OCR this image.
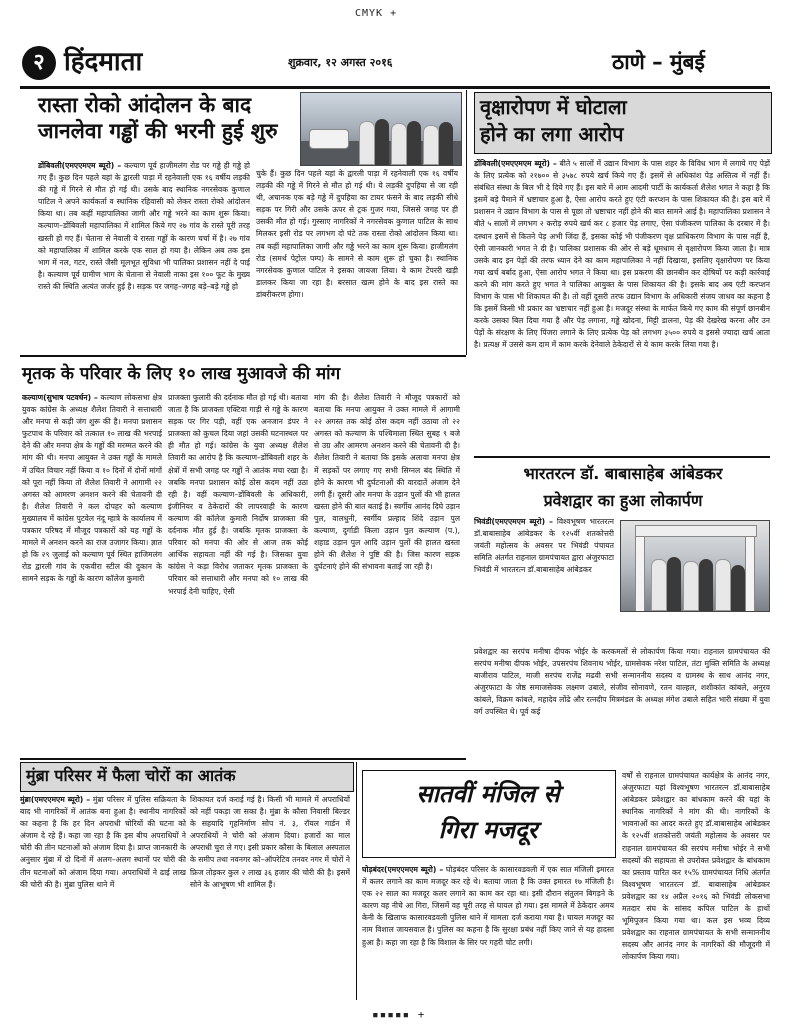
CMYK +
▪▪▪▪▪ +
२ हिंदमाता	शुक्रवार, १२ अगस्त २०१६	ठाणे – मुंबई
रास्ता रोको आंदोलन के बाद
जानलेवा गड्ढों की भरनी हुई शुरु
डोंबिवली(एमएएमएम ब्यूरो) – कल्याण पूर्व हाजीमलंग रोड पर गड्ढे ही गड्ढे हो गए हैं। कुछ दिन पहले यहां के द्वारली पाड़ा में रहनेवाली एक १६ वर्षीय लड़की की गड्ढे में गिरने से मौत हो गई थी। उसके बाद स्थानिक नगरसेवक कुणाल पाटिल ने अपने कार्यकर्ता व स्थानिक रहिवासी को लेकर रास्ता रोको आंदोलन किया था। तब कहीं महापालिका जागी और गड्ढे भरने का काम शुरू किया। कल्याण–डोंबिवली महापालिका में शामिल किये गए २७ गांव के रास्ते पूरी तरह खस्ती हो गए हैं। चेताना से नेवाली ये रास्ता गड्ढों के कारण चर्चा में है। २७ गांव को महापालिका में शामिल करके एक साल हो गया है। लेकिन अब तक इस भाग में नल, गटर, रास्ते जैसी मूलभूत सुविधा भी पालिका प्रशासन नहीं दे पाई है। कल्याण पूर्व ग्रामीण भाग के चेताना से नेवाली नाका इस १०० फूट के मुख्य रास्ते की स्थिति अत्यंत जर्जर हुई है। सड़क पर जगह–जगह बड़े–बड़े गड्ढे हो
चुके हैं। कुछ दिन पहले यहां के द्वारली पाड़ा में रहनेवाली एक १६ वर्षीय लड़की की गड्ढे में गिरने से मौत हो गई थी। ये लड़की दुपहिया से जा रही थी, अचानक एक बड़े गड्ढे में दुपहिया का टायर फंसने के बाद लड़की सीधे सड़क पर गिरी और उसके ऊपर से ट्रक गुजर गया, जिससे जगह पर ही उसकी मौत हो गई। गुस्साए नागरिकों ने नगरसेवक कुणाल पाटिल के साथ मिलकर इसी रोड पर लगभग दो घंटे तक रास्ता रोको आंदोलन किया था। तब कहीं महापालिका जागी और गड्ढे भरने का काम शुरू किया। हाजीमलंग रोड (समर्थ पेट्रोल पम्प) के सामने से काम शुरू हो चुका है। स्थानिक नगरसेवक कुणाल पाटिल ने इसका जायजा लिया। ये काम टेंपररी खड़ी डालकर किया जा रहा है। बरसात खत्म होने के बाद इस रास्ते का डांबरीकरण होगा।
वृक्षारोपण में घोटाला
होने का लगा आरोप
डोंबिवली(एमएएमएम ब्यूरो) – बीते ५ सालों में उद्यान विभाग के पास शहर के विविध भाग में लगाये गए पेड़ों के लिए प्रत्येक को २१७०० से ३५७८ रुपये खर्च किये गए हैं। इसमें से अधिकांश पेड़ अस्तित्व में नहीं हैं। संबंधित संस्था के बिल भी दे दिये गए हैं। इस बारे में आम आदमी पार्टी के कार्यकर्ता शैलेश भगत ने कहा है कि इसमें बड़े पैमाने में भ्रष्टाचार हुआ है, ऐसा आरोप करते हुए एंटी करप्शन के पास शिकायत की है। इस बारे में प्रशासन ने उद्यान विभाग के पास से पूछा तो भ्रष्टाचार नहीं होने की बात सामने आई है। महापालिका प्रशासन ने बीते ५ सालों में लगभग २ करोड़ रुपये खर्च कर ८ हजार पेड़ लगाए, ऐसा पंजीकरण पालिका के दरबार में है। दस्थान इसमें से कितने पेड़ अभी जिंदा हैं, इसका कोई भी पंजीकरण वृक्ष प्राधिकरण विभाग के पास नहीं है, ऐसी जानकारी भगत ने दी है। पालिका प्रशासक की ओर से बड़े धूमधाम से वृक्षारोपण किया जाता है। मात्र उसके बाद इन पेड़ों की तरफ ध्यान देने का काम महापालिका ने नहीं दिखाया, इसलिए वृक्षारोपण पर किया गया खर्च बर्बाद हुआ, ऐसा आरोप भगत ने किया था। इस प्रकरण की छानबीन कर दोषियों पर कड़ी कार्रवाई करने की मांग करते हुए भगत ने पालिका आयुक्त के पास शिकायत की है। इसके बाद अब एंटी करप्शन विभाग के पास भी शिकायत की है। तो वहीं दूसरी तरफ उद्यान विभाग के अधिकारी संजय जाधव का कहना है कि इसमें किसी भी प्रकार का भ्रष्टाचार नहीं हुआ है। मजदूर संस्था के मार्फत किये गए काम की संपूर्ण छानबीन करके उसका बिल दिया गया है और पेड़ लगाना, गड्ढे खोदना, मिट्टी डालना, पेड़ की देखरेख करना और उन पेड़ों के संरक्षण के लिए पिंजरा लगाने के लिए प्रत्येक पेड़ को लगभग ३५०० रुपये व इससे ज्यादा खर्च आता है। प्रत्यक्ष में उससे कम दाम में काम करके देनेवाले ठेकेदारों से ये काम करके लिया गया है।
मृतक के परिवार के लिए १० लाख मुआवजे की मांग
कल्याण(सुभाष पटवर्धन) – कल्याण लोकसभा क्षेत्र युवक कांग्रेस के अध्यक्ष शैलेश तिवारी ने सत्ताधारी और मनपा से कड़ी जंग शुरू की है। मनपा प्रशासन फुटपाथ के परिवार को तत्काल १० लाख की भरपाई देने की और मनपा क्षेत्र के गड्ढों की मरम्मत करने की मांग की थी। मनपा आयुक्त ने उक्त गड्ढों के मामले में उचित विचार नहीं किया व १० दिनों में दोनों मांगों को पूरा नहीं किया तो शैलेश तिवारी ने आगामी २२ अगस्त को आमरण अनशन करने की चेतावनी दी है। शैलेश तिवारी ने कल दोपहर को कल्याण मुख्यालय में कांग्रेस पुटवेल नंदू म्हात्रे के कार्यालय में पत्रकार परिषद में मौजूद पत्रकारों को यह गड्ढों के मामले में अनशन करने का राज उजागर किया। ज्ञात हो कि २९ जुलाई को कल्याण पूर्व स्थित हाजिमलंग रोड द्वारली गांव के एकवीरा स्टील की दुकान के सामने सड़क के गड्ढों के कारण कॉलेज कुमारी
प्राजक्ता फुलारी की दर्दनाक मौत हो गई थी। बताया जाता है कि प्राजक्ता एक्टिवा गाड़ी से गड्ढे के कारण सड़क पर गिर पड़ी, वहीं एक अनजान डंपर ने प्राजक्ता को कुचल दिया जहां उसकी घटनास्थल पर ही मौत हो गई। कांग्रेस के युवा अध्यक्ष शैलेश तिवारी का आरोप है कि कल्याण–डोंबिवली शहर के क्षेत्रों में सभी जगह पर गड्ढों ने आतंक मचा रखा है। जबकि मनपा प्रशासन कोई ठोस कदम नहीं उठा रही है। वहीं कल्याण–डोंबिवली के अधिकारी, इंजीनियर व ठेकेदारों की लापरवाही के कारण कल्याण की कॉलेज कुमारी निर्दोष प्राजक्ता की दर्दनाक मौत हुई है। जबकि मृतक प्राजक्ता के परिवार को मनपा की ओर से आज तक कोई आर्थिक सहायता नहीं की गई है। जिसका युवा कांग्रेस ने कड़ा विरोध जताकर मृतक प्राजक्ता के परिवार को सत्ताधारी और मनपा को १० लाख की भरपाई देनी चाहिए, ऐसी
मांग की है। शैलेश तिवारी ने मौजूद पत्रकारों को बताया कि मनपा आयुक्त ने उक्त मामले में आगामी २२ अगस्त तक कोई ठोस कदम नहीं उठाया तो २२ अगस्त को कल्याण के पश्चिमाला स्थित सुबह ९ बजे से उग्र और आमरण अनशन करने की चेतावनी दी है। शैलेश तिवारी ने बताया कि इसके अलावा मनपा क्षेत्र में सड़कों पर लगाए गए सभी सिग्नल बंद स्थिति में होने के कारण भी दुर्घटनाओं की वारदातें अंजाम देने लगी हैं। दूसरी ओर मनपा के उड़ान पुलों की भी हालत खस्ता होने की बात बताई है। स्वर्गीय आनंद दिघे उड़ान पुल, वालधुनी, स्वर्गीय प्रल्हाद शिंदे उड़ान पुल कल्याण, दुर्गाडी किला उड़ान पुल कल्याण (प.), शहाड उड़ान पुल आदि उड़ान पुलों की हालत खस्ता होने की शैलेश ने पुष्टि की है। जिस कारण सड़क दुर्घटनाएं होने की संभावना बताई जा रही है।
भारतरत्न डॉ. बाबासाहेब आंबेडकर
प्रवेशद्वार का हुआ लोकार्पण
भिवंडी(एमएएमएम ब्यूरो) – विश्वभूषण भारतरत्न डॉ.बाबासाहेब आंबेडकर के १२५वीं शतकोत्तरी जयंती महोत्सव के अवसर पर भिवंडी पंचायत समिति अंतर्गत राहनाल ग्रामपंचायत द्वारा अंजुरफाटा भिवंडी में भारतरत्न डॉ.बाबासाहेब आंबेडकर
प्रवेशद्वार का सरपंच मनीषा दीपक भोईर के करकमलों से लोकार्पण किया गया। राहनाल ग्रामपंचायत की सरपंच मनीषा दीपक भोईर, उपसरपंच शिवनाथ भोईर, ग्रामसेवक नरेश पाटिल, तंटा मुक्ति समिति के अध्यक्ष बाजीराव पाटिल, माजी सरपंच राजेंद्र मढवी सभी सन्माननीय सदस्य व ग्रामस्थ के साथ आनंद नगर, अंजुरफाटा के जेष्ठ समाजसेवक लक्ष्मण उबाले, संजीव सोनावणे, रतन वाल्हल, शशीकांत कांबले, अनुरव कांबले, विक्रम कांबले, महादेव लोंढे और रत्नदीप मित्रमंडल के अध्यक्ष मंगेश उबाले सहित भारी संख्या में युवा वर्ग उपस्थित थे। पूर्व कई
वर्षों से राहनाल ग्रामपंचायत कार्यक्षेत्र के आनंद नगर, अंजुरफाटा यहां विश्वभूषण भारतरत्न डॉ.बाबासाहेब आंबेडकर प्रवेशद्वार का बांधकाम करने की यहां के स्थानिक नागरिकों ने मांग की थी। नागरिकों के भावनाओं का आदर करते हुए डॉ.बाबासाहेब आंबेडकर के १२५वीं शतकोत्तरी जयंती महोत्सव के अवसर पर राहनाल ग्रामपंचायत की सरपंच मनीषा भोईर ने सभी सदस्यों की सहायता से उपरोक्त प्रवेशद्वार के बांधकाम का प्रस्ताव पारित कर १५% ग्रामपंचायत निधि अंतर्गत विश्वभूषण भारतरत्न डॉ. बाबासाहेब आंबेडकर प्रवेशद्वार का १४ अप्रैल २०१६ को भिवंडी लोकसभा मतदार संघ के सांसद कपिल पाटिल के हाथों भूमिपूजन किया गया था। कल इस भव्य दिव्य प्रवेशद्वार का राहनाल ग्रामपंचायत के सभी सन्माननीय सदस्य और आनंद नगर के नागरिकों की मौजूदगी में लोकार्पण किया गया।
मुंब्रा परिसर में फैला चोरों का आतंक
मुंब्रा(एमएएमएम ब्यूरो) – मुंब्रा परिसर में पुलिस सक्रियता के बाद भी नागरिकों में आतंक बना हुआ है। स्थानीय नागरिकों का कहना है कि हर दिन अपराधी चोरियों की घटना को अंजाम दे रहे हैं। कहा जा रहा है कि इस बीच अपराधियों ने चोरी की तीन घटनाओं को अंजाम दिया है। प्राप्त जानकारी के अनुसार मुंब्रा में दो दिनों में अलग–अलग स्थानों पर चोरी की तीन घटनाओं को अंजाम दिया गया। अपराधियों ने ढाई लाख की चोरी की है। मुंब्रा पुलिस थाने में
शिकायत दर्ज कराई गई है। किसी भी मामले में अपराधियों को नहीं पकड़ा जा सका है। मुंब्रा के कौसा निवासी बिल्डर के सहयादि गृहनिर्माण सोप नं. ३, रॉयल गार्डन में अपराधियों ने चोरी को अंजाम दिया। हजारों का माल अपराधी चुरा ले गए। इसी प्रकार कौसा के बिलाल अस्पताल के समीप तथा नवनगर को–ऑपरेटिव तनवर नगर में चोरों ने फ्रिज तोड़कर कुल २ लाख ३६ हजार की चोरी की है। इसमें सोने के आभूषण भी शामिल हैं।
सातवीं मंजिल से
गिरा मजदूर
घोड़बंदर(एमएएमएम ब्यूरो) – घोड़बंदर परिसर के कासारवडवली में एक सात मंजिली इमारत में कलर लगाने का काम मजदूर कर रहे थे। बताया जाता है कि उक्त इमारत १७ मंजिली है। एक २२ साल का मजदूर कलर लगाने का काम कर रहा था। इसी दौरान संतुलन बिगड़ने के कारण वह नीचे आ गिरा, जिसमें वह चूरी तरह से घायल हो गया। इस मामले में ठेकेदार अमय केनी के खिलाफ कासारवडवली पुलिस थाने में मामला दर्ज कराया गया है। घायल मजदूर का नाम विशाल जायसवाल है। पुलिस का कहना है कि सुरक्षा प्रबंध नहीं किए जाने से यह हादसा हुआ है। कहा जा रहा है कि विशाल के सिर पर गहरी चोट लगी।
